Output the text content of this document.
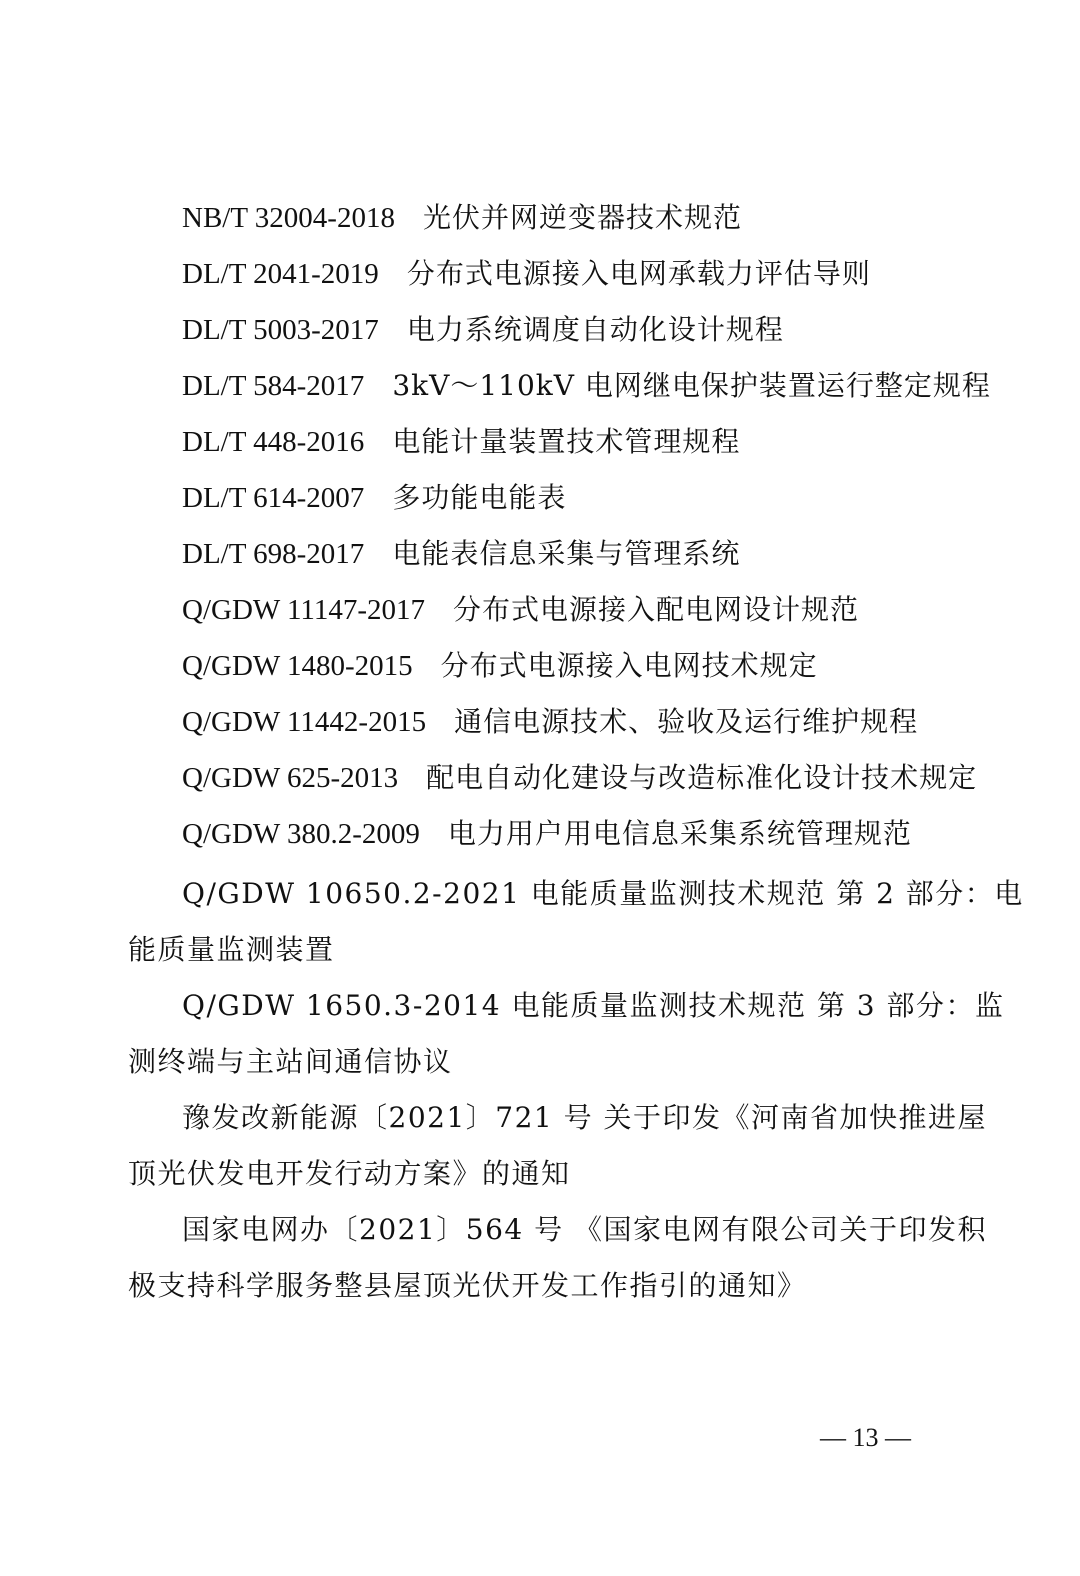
NB/T 32004-2018 光伏并网逆变器技术规范
DL/T 2041-2019 分布式电源接入电网承载力评估导则
DL/T 5003-2017 电力系统调度自动化设计规程
DL/T 584-2017 3kV～110kV 电网继电保护装置运行整定规程
DL/T 448-2016 电能计量装置技术管理规程
DL/T 614-2007 多功能电能表
DL/T 698-2017 电能表信息采集与管理系统
Q/GDW 11147-2017 分布式电源接入配电网设计规范
Q/GDW 1480-2015 分布式电源接入电网技术规定
Q/GDW 11442-2015 通信电源技术、验收及运行维护规程
Q/GDW 625-2013 配电自动化建设与改造标准化设计技术规定
Q/GDW 380.2-2009 电力用户用电信息采集系统管理规范
Q/GDW 10650.2-2021 电能质量监测技术规范 第 2 部分：电
能质量监测装置
Q/GDW 1650.3-2014 电能质量监测技术规范 第 3 部分：监
测终端与主站间通信协议
豫发改新能源〔2021〕721 号 关于印发《河南省加快推进屋
顶光伏发电开发行动方案》的通知
国家电网办〔2021〕564 号 《国家电网有限公司关于印发积
极支持科学服务整县屋顶光伏开发工作指引的通知》
— 13 —
